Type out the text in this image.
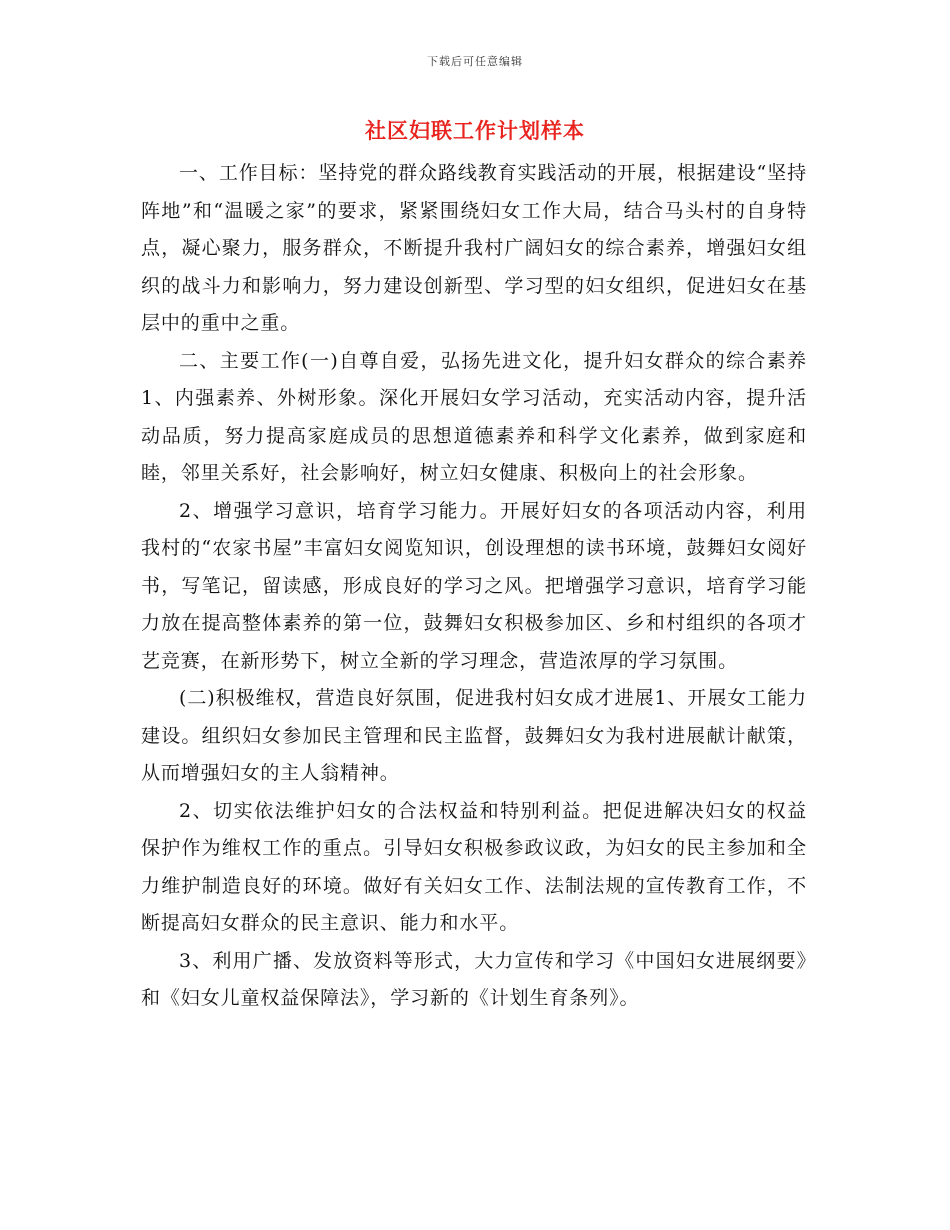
下载后可任意编辑
社区妇联工作计划样本

一、工作目标：坚持党的群众路线教育实践活动的开展，根据建设“坚持阵地”和“温暖之家”的要求，紧紧围绕妇女工作大局，结合马头村的自身特点，凝心聚力，服务群众，不断提升我村广阔妇女的综合素养，增强妇女组织的战斗力和影响力，努力建设创新型、学习型的妇女组织，促进妇女在基层中的重中之重。

二、主要工作(一)自尊自爱，弘扬先进文化，提升妇女群众的综合素养1、内强素养、外树形象。深化开展妇女学习活动，充实活动内容，提升活动品质，努力提高家庭成员的思想道德素养和科学文化素养，做到家庭和睦，邻里关系好，社会影响好，树立妇女健康、积极向上的社会形象。

2、增强学习意识，培育学习能力。开展好妇女的各项活动内容，利用我村的“农家书屋”丰富妇女阅览知识，创设理想的读书环境，鼓舞妇女阅好书，写笔记，留读感，形成良好的学习之风。把增强学习意识，培育学习能力放在提高整体素养的第一位，鼓舞妇女积极参加区、乡和村组织的各项才艺竞赛，在新形势下，树立全新的学习理念，营造浓厚的学习氛围。

(二)积极维权，营造良好氛围，促进我村妇女成才进展1、开展女工能力建设。组织妇女参加民主管理和民主监督，鼓舞妇女为我村进展献计献策，从而增强妇女的主人翁精神。

2、切实依法维护妇女的合法权益和特别利益。把促进解决妇女的权益保护作为维权工作的重点。引导妇女积极参政议政，为妇女的民主参加和全力维护制造良好的环境。做好有关妇女工作、法制法规的宣传教育工作，不断提高妇女群众的民主意识、能力和水平。

3、利用广播、发放资料等形式，大力宣传和学习《中国妇女进展纲要》和《妇女儿童权益保障法》，学习新的《计划生育条列》。
